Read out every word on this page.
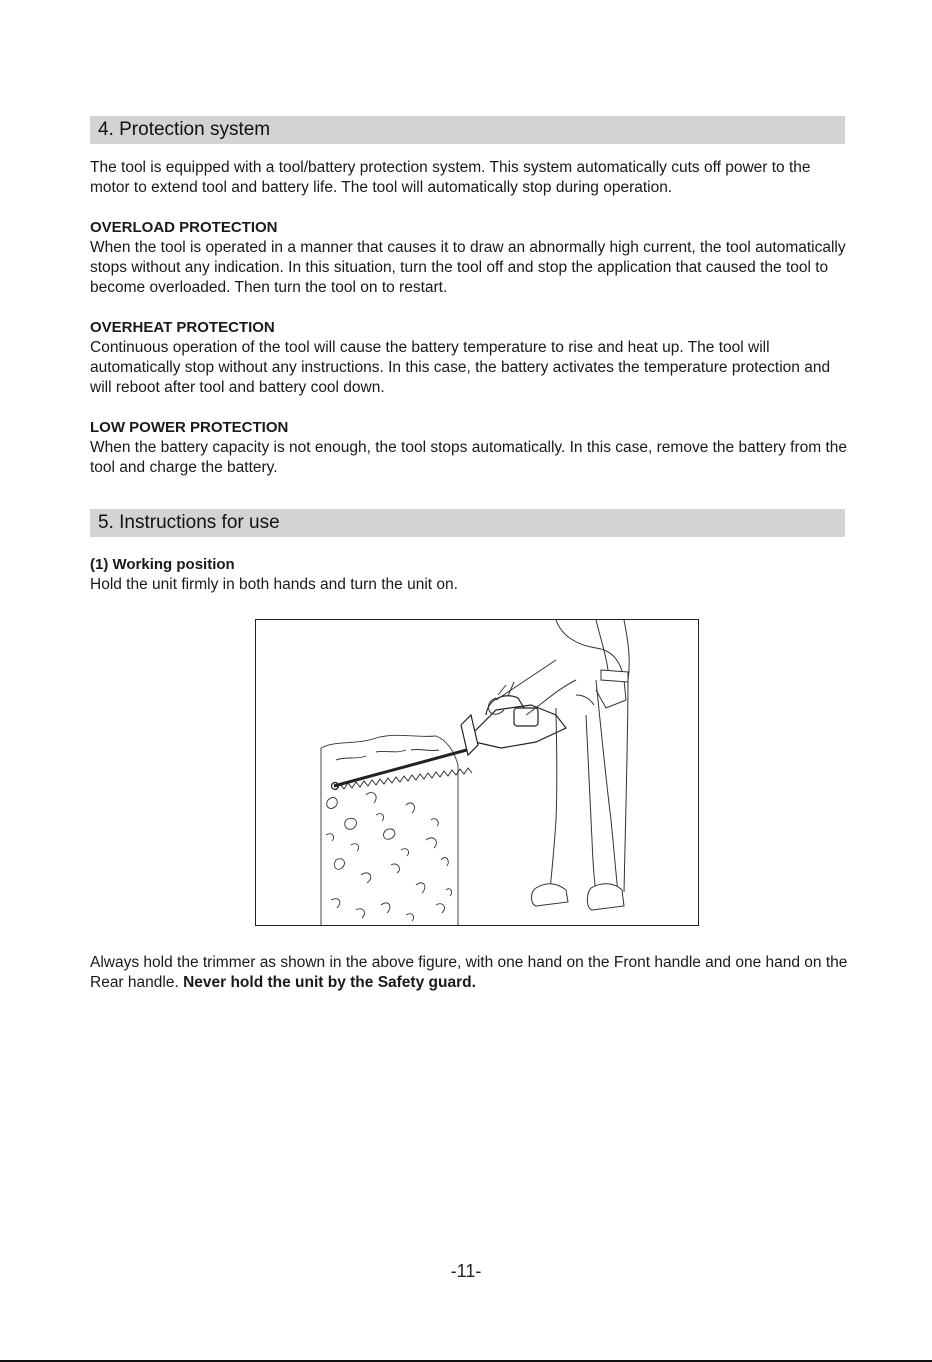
4. Protection system

The tool is equipped with a tool/battery protection system. This system automatically cuts off power to the motor to extend tool and battery life. The tool will automatically stop during operation.

OVERLOAD PROTECTION

When the tool is operated in a manner that causes it to draw an abnormally high current, the tool automatically stops without any indication. In this situation, turn the tool off and stop the application that caused the tool to become overloaded. Then turn the tool on to restart.

OVERHEAT PROTECTION

Continuous operation of the tool will cause the battery temperature to rise and heat up. The tool will automatically stop without any instructions. In this case, the battery activates the temperature protection and will reboot after tool and battery cool down.

LOW POWER PROTECTION

When the battery capacity is not enough, the tool stops automatically. In this case, remove the battery from the tool and charge the battery.

5. Instructions for use
(1) Working position

Hold the unit firmly in both hands and turn the unit on.

Always hold the trimmer as shown in the above figure, with one hand on the Front handle and one hand on the Rear handle. Never hold the unit by the Safety guard.

-11-
